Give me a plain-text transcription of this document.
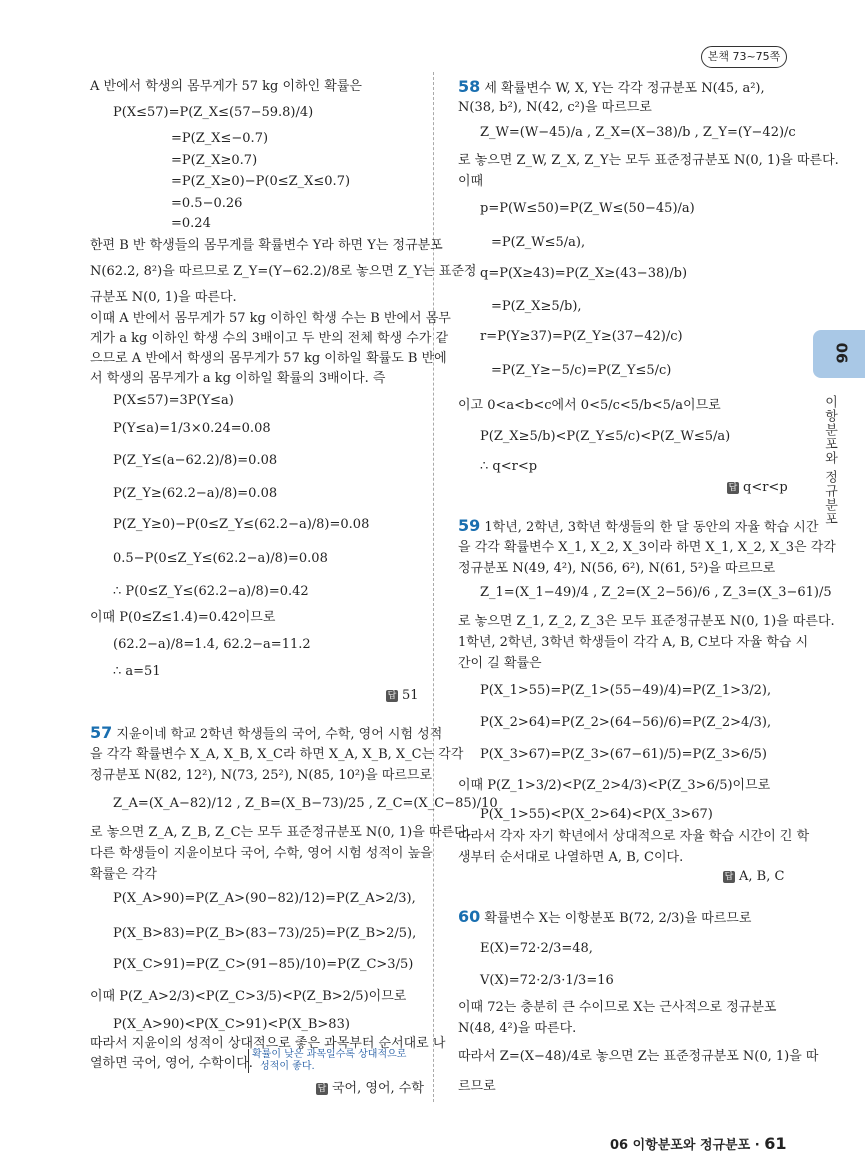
본책 73~75쪽
06
이항분포와 정규분포
A 반에서 학생의 몸무게가 57 kg 이하인 확률은
P(X≤57)=P(Z_X≤(57−59.8)/4)
=P(Z_X≤−0.7)
=P(Z_X≥0.7)
=P(Z_X≥0)−P(0≤Z_X≤0.7)
=0.5−0.26
=0.24
한편 B 반 학생들의 몸무게를 확률변수 Y라 하면 Y는 정규분포
N(62.2, 8²)을 따르므로 Z_Y=(Y−62.2)/8로 놓으면 Z_Y는 표준정
규분포 N(0, 1)을 따른다.
이때 A 반에서 몸무게가 57 kg 이하인 학생 수는 B 반에서 몸무
게가 a kg 이하인 학생 수의 3배이고 두 반의 전체 학생 수가 같
으므로 A 반에서 학생의 몸무게가 57 kg 이하일 확률도 B 반에
서 학생의 몸무게가 a kg 이하일 확률의 3배이다. 즉
P(X≤57)=3P(Y≤a)
P(Y≤a)=1/3×0.24=0.08
P(Z_Y≤(a−62.2)/8)=0.08
P(Z_Y≥(62.2−a)/8)=0.08
P(Z_Y≥0)−P(0≤Z_Y≤(62.2−a)/8)=0.08
0.5−P(0≤Z_Y≤(62.2−a)/8)=0.08
∴ P(0≤Z_Y≤(62.2−a)/8)=0.42
이때 P(0≤Z≤1.4)=0.42이므로
(62.2−a)/8=1.4, 62.2−a=11.2
∴ a=51
답 51
57 지윤이네 학교 2학년 학생들의 국어, 수학, 영어 시험 성적
을 각각 확률변수 X_A, X_B, X_C라 하면 X_A, X_B, X_C는 각각
정규분포 N(82, 12²), N(73, 25²), N(85, 10²)을 따르므로
Z_A=(X_A−82)/12 , Z_B=(X_B−73)/25 , Z_C=(X_C−85)/10
로 놓으면 Z_A, Z_B, Z_C는 모두 표준정규분포 N(0, 1)을 따른다.
다른 학생들이 지윤이보다 국어, 수학, 영어 시험 성적이 높을
확률은 각각
P(X_A>90)=P(Z_A>(90−82)/12)=P(Z_A>2/3),
P(X_B>83)=P(Z_B>(83−73)/25)=P(Z_B>2/5),
P(X_C>91)=P(Z_C>(91−85)/10)=P(Z_C>3/5)
이때 P(Z_A>2/3)<P(Z_C>3/5)<P(Z_B>2/5)이므로
P(X_A>90)<P(X_C>91)<P(X_B>83)
따라서 지윤이의 성적이 상대적으로 좋은 과목부터 순서대로 나
열하면 국어, 영어, 수학이다.
확률이 낮은 과목일수록 상대적으로
성적이 좋다.
답 국어, 영어, 수학
58 세 확률변수 W, X, Y는 각각 정규분포 N(45, a²),
N(38, b²), N(42, c²)을 따르므로
Z_W=(W−45)/a , Z_X=(X−38)/b , Z_Y=(Y−42)/c
로 놓으면 Z_W, Z_X, Z_Y는 모두 표준정규분포 N(0, 1)을 따른다.
이때
p=P(W≤50)=P(Z_W≤(50−45)/a)
=P(Z_W≤5/a),
q=P(X≥43)=P(Z_X≥(43−38)/b)
=P(Z_X≥5/b),
r=P(Y≥37)=P(Z_Y≥(37−42)/c)
=P(Z_Y≥−5/c)=P(Z_Y≤5/c)
이고 0<a<b<c에서 0<5/c<5/b<5/a이므로
P(Z_X≥5/b)<P(Z_Y≤5/c)<P(Z_W≤5/a)
∴ q<r<p
답 q<r<p
59 1학년, 2학년, 3학년 학생들의 한 달 동안의 자율 학습 시간
을 각각 확률변수 X_1, X_2, X_3이라 하면 X_1, X_2, X_3은 각각
정규분포 N(49, 4²), N(56, 6²), N(61, 5²)을 따르므로
Z_1=(X_1−49)/4 , Z_2=(X_2−56)/6 , Z_3=(X_3−61)/5
로 놓으면 Z_1, Z_2, Z_3은 모두 표준정규분포 N(0, 1)을 따른다.
1학년, 2학년, 3학년 학생들이 각각 A, B, C보다 자율 학습 시
간이 길 확률은
P(X_1>55)=P(Z_1>(55−49)/4)=P(Z_1>3/2),
P(X_2>64)=P(Z_2>(64−56)/6)=P(Z_2>4/3),
P(X_3>67)=P(Z_3>(67−61)/5)=P(Z_3>6/5)
이때 P(Z_1>3/2)<P(Z_2>4/3)<P(Z_3>6/5)이므로
P(X_1>55)<P(X_2>64)<P(X_3>67)
따라서 각자 자기 학년에서 상대적으로 자율 학습 시간이 긴 학
생부터 순서대로 나열하면 A, B, C이다.
답 A, B, C
60 확률변수 X는 이항분포 B(72, 2/3)을 따르므로
E(X)=72·2/3=48,
V(X)=72·2/3·1/3=16
이때 72는 충분히 큰 수이므로 X는 근사적으로 정규분포
N(48, 4²)을 따른다.
따라서 Z=(X−48)/4로 놓으면 Z는 표준정규분포 N(0, 1)을 따
르므로
06 이항분포와 정규분포 · 61
